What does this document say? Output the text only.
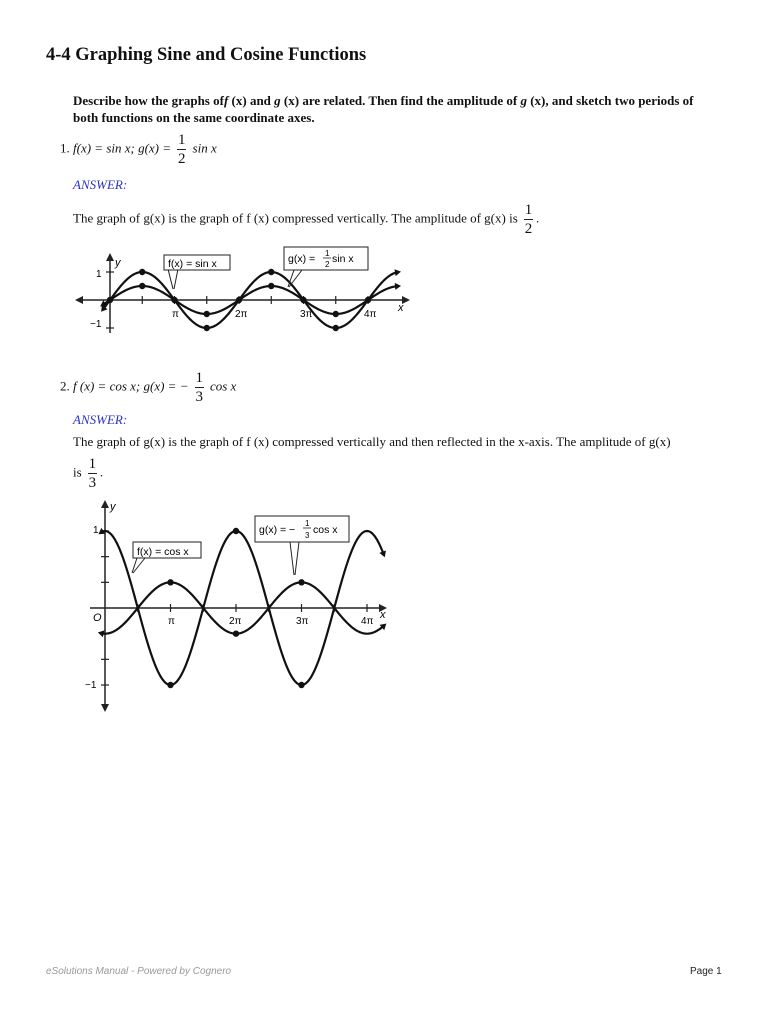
4-4 Graphing Sine and Cosine Functions
Describe how the graphs off (x) and g (x) are related. Then find the amplitude of g (x), and sketch two periods of both functions on the same coordinate axes.
1. f(x) = sin x; $g(x) = \frac{1}{2}$ sin x
ANSWER:
The graph of g(x) is the graph of f (x) compressed vertically. The amplitude of g(x) is $\frac{1}{2}$ .
y
x
1
−1
π	2π	3π	4π
f(x) = sin x	g(x) = 1
2 sin x
2. f (x) = cos x; g(x) = − $\frac{1}{3}$ cos x
ANSWER:
The graph of g(x) is the graph of f (x) compressed vertically and then reflected in the x-axis. The amplitude of g(x)
is $\frac{1}{3}$ .
y
x
O
1
−1
π	2π	3π	4π
f(x) = cos x
g(x) = −
1
3 cos x
eSolutions Manual - Powered by Cognero	Page 1
